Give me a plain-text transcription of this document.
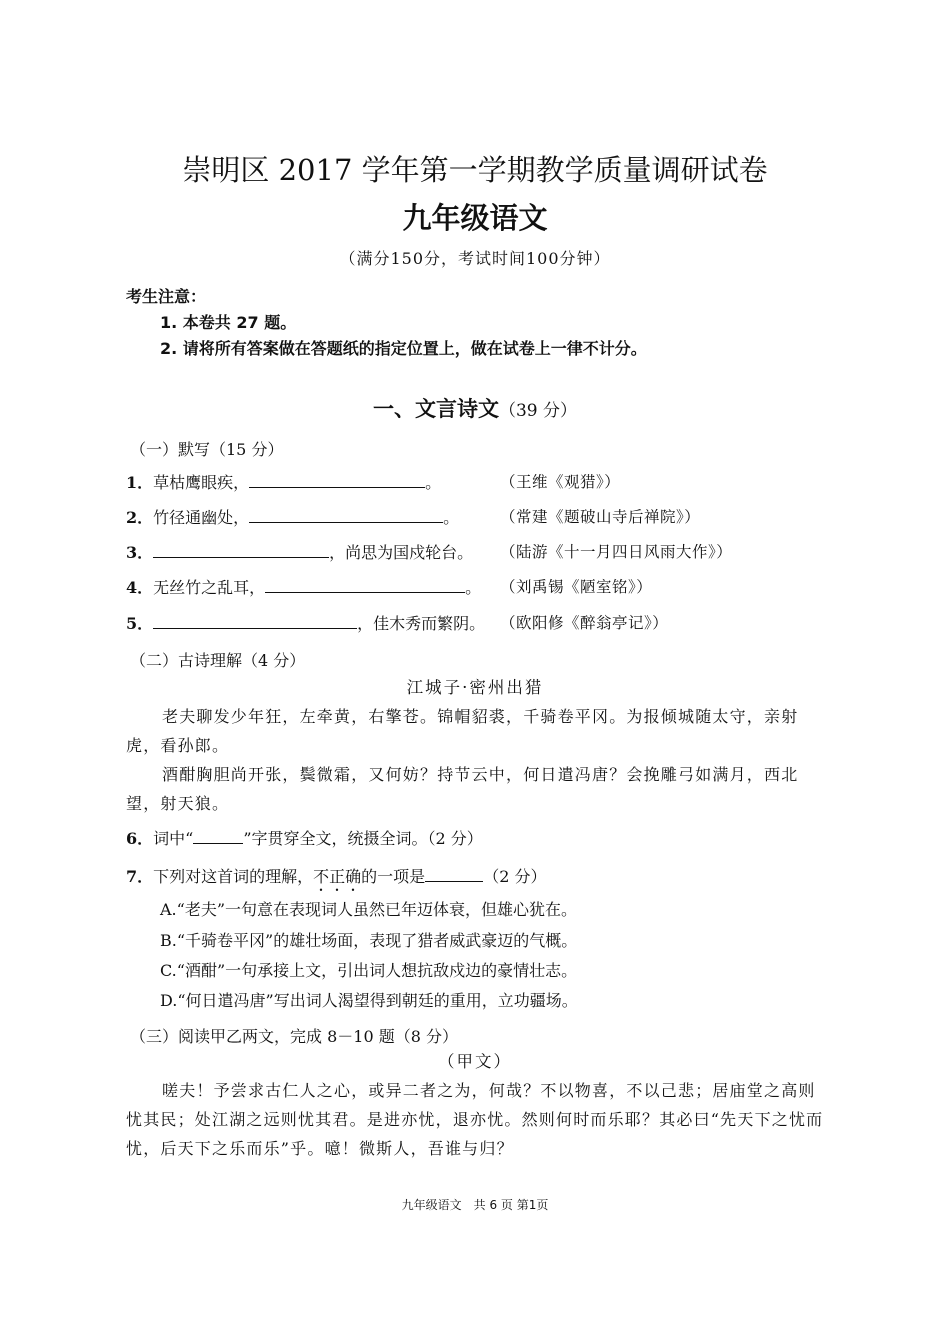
崇明区 2017 学年第一学期教学质量调研试卷
九年级语文
（满分150分，考试时间100分钟）
考生注意：
1. 本卷共 27 题。
2. 请将所有答案做在答题纸的指定位置上，做在试卷上一律不计分。
一、文言诗文（39 分）
（一）默写（15 分）
1．草枯鹰眼疾，	。	（王维《观猎》）
2．竹径通幽处，	。	（常建《题破山寺后禅院》）
3．	，尚思为国戍轮台。 （陆游《十一月四日风雨大作》）
4．无丝竹之乱耳，	。 （刘禹锡《陋室铭》）
5．	，佳木秀而繁阴。 （欧阳修《醉翁亭记》）
（二）古诗理解（4 分）
江城子·密州出猎
老夫聊发少年狂，左牵黄，右擎苍。锦帽貂裘，千骑卷平冈。为报倾城随太守，亲射虎，看孙郎。
酒酣胸胆尚开张，鬓微霜，又何妨？持节云中，何日遣冯唐？会挽雕弓如满月，西北望，射天狼。
6．词中“	”字贯穿全文，统摄全词。（2 分）
7．下列对这首词的理解，不正确的一项是	（2 分）
A.“老夫”一句意在表现词人虽然已年迈体衰，但雄心犹在。
B.“千骑卷平冈”的雄壮场面，表现了猎者威武豪迈的气概。
C.“酒酣”一句承接上文，引出词人想抗敌戍边的豪情壮志。
D.“何日遣冯唐”写出词人渴望得到朝廷的重用，立功疆场。
（三）阅读甲乙两文，完成 8－10 题（8 分）
（甲文）
嗟夫！予尝求古仁人之心，或异二者之为，何哉？不以物喜，不以己悲；居庙堂之高则忧其民；处江湖之远则忧其君。是进亦忧，退亦忧。然则何时而乐耶？其必曰“先天下之忧而忧，后天下之乐而乐”乎。噫！微斯人，吾谁与归？
九年级语文　共 6 页 第1页
